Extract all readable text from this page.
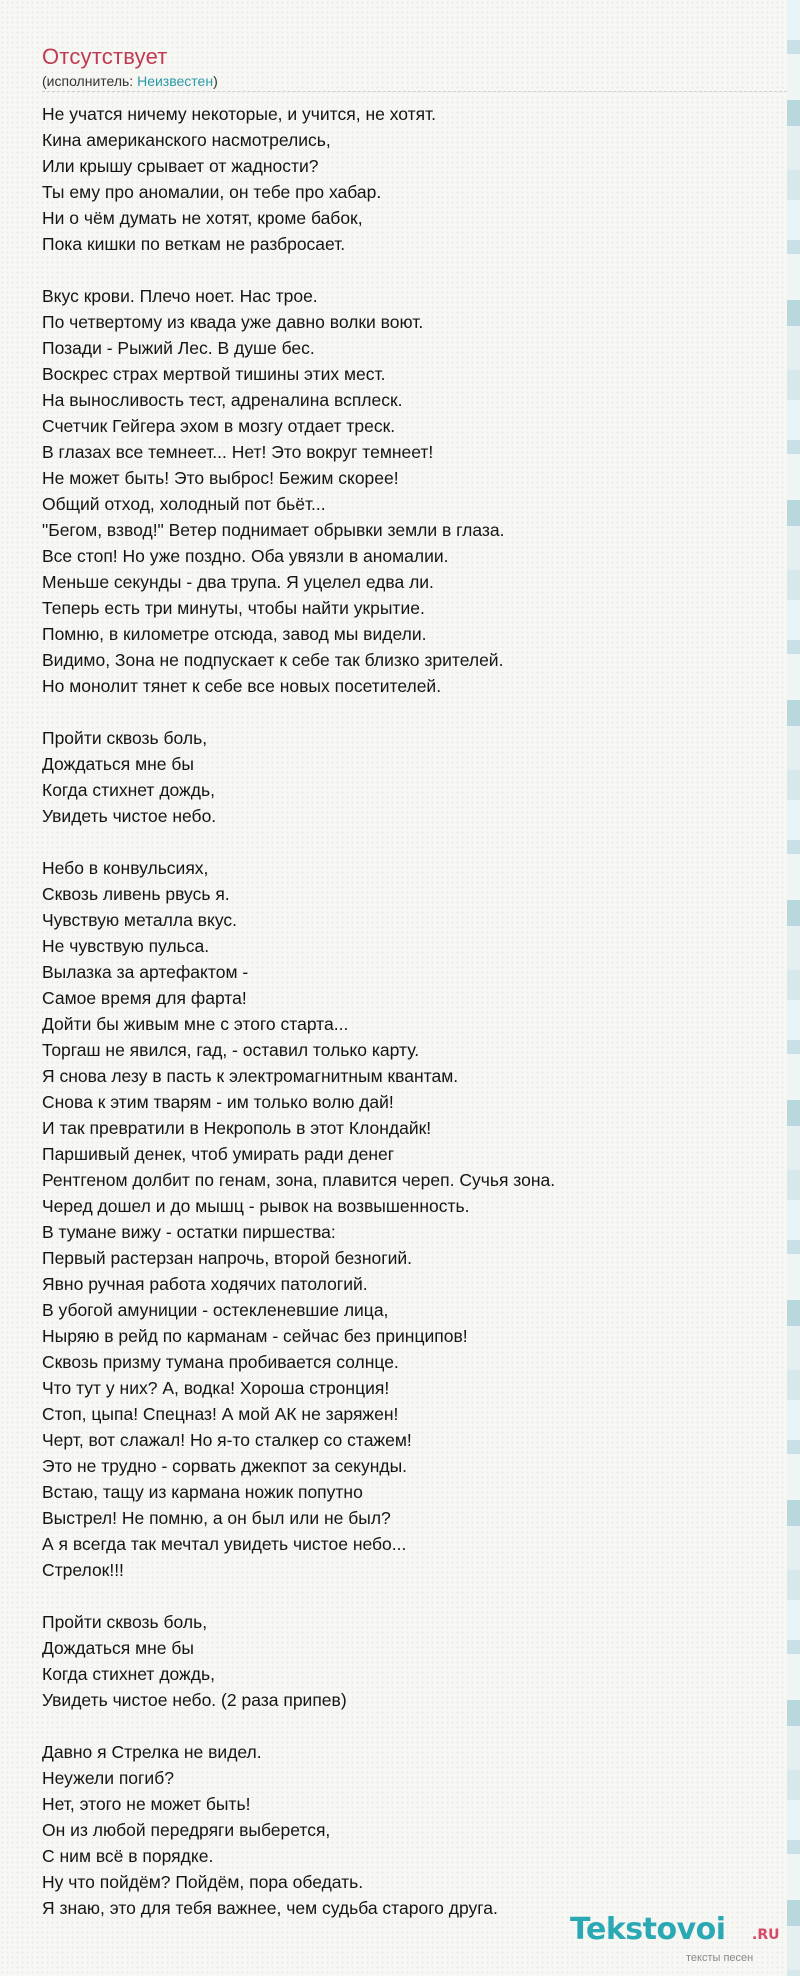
Отсутствует
(исполнитель: Неизвестен)
Не учатся ничему некоторые, и учится, не хотят.
Кина американского насмотрелись,
Или крышу срывает от жадности?
Ты ему про аномалии, он тебе про хабар.
Ни о чём думать не хотят, кроме бабок,
Пока кишки по веткам не разбросает.
Вкус крови. Плечо ноет. Нас трое.
По четвертому из квада уже давно волки воют.
Позади - Рыжий Лес. В душе бес.
Воскрес страх мертвой тишины этих мест.
На выносливость тест, адреналина всплеск.
Счетчик Гейгера эхом в мозгу отдает треск.
В глазах все темнеет... Нет! Это вокруг темнеет!
Не может быть! Это выброс! Бежим скорее!
Общий отход, холодный пот бьёт...
"Бегом, взвод!" Ветер поднимает обрывки земли в глаза.
Все стоп! Но уже поздно. Оба увязли в аномалии.
Меньше секунды - два трупа. Я уцелел едва ли.
Теперь есть три минуты, чтобы найти укрытие.
Помню, в километре отсюда, завод мы видели.
Видимо, Зона не подпускает к себе так близко зрителей.
Но монолит тянет к себе все новых посетителей.
Пройти сквозь боль,
Дождаться мне бы
Когда стихнет дождь,
Увидеть чистое небо.
Небо в конвульсиях,
Сквозь ливень рвусь я.
Чувствую металла вкус.
Не чувствую пульса.
Вылазка за артефактом -
Самое время для фарта!
Дойти бы живым мне с этого старта...
Торгаш не явился, гад, - оставил только карту.
Я снова лезу в пасть к электромагнитным квантам.
Снова к этим тварям - им только волю дай!
И так превратили в Некрополь в этот Клондайк!
Паршивый денек, чтоб умирать ради денег
Рентгеном долбит по генам, зона, плавится череп. Сучья зона.
Черед дошел и до мышц - рывок на возвышенность.
В тумане вижу - остатки пиршества:
Первый растерзан напрочь, второй безногий.
Явно ручная работа ходячих патологий.
В убогой амуниции - остекленевшие лица,
Ныряю в рейд по карманам - сейчас без принципов!
Сквозь призму тумана пробивается солнце.
Что тут у них? А, водка! Хороша стронция!
Стоп, цыпа! Спецназ! А мой АК не заряжен!
Черт, вот слажал! Но я-то сталкер со стажем!
Это не трудно - сорвать джекпот за секунды.
Встаю, тащу из кармана ножик попутно
Выстрел! Не помню, а он был или не был?
А я всегда так мечтал увидеть чистое небо...
Стрелок!!!
Пройти сквозь боль,
Дождаться мне бы
Когда стихнет дождь,
Увидеть чистое небо. (2 раза припев)
Давно я Стрелка не видел.
Неужели погиб?
Нет, этого не может быть!
Он из любой передряги выберется,
С ним всё в порядке.
Ну что пойдём? Пойдём, пора обедать.
Я знаю, это для тебя важнее, чем судьба старого друга.
Tekstovoi .RU
тексты песен
